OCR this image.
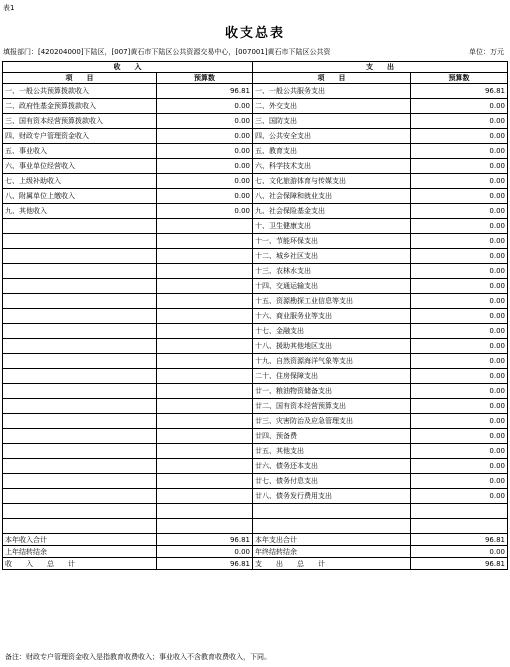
表1
收支总表
填报部门：[420204000]下陆区，[007]黄石市下陆区公共资源交易中心，[007001]黄石市下陆区公共资	单位：万元
收　　入		支　　出	
项　　目	预算数	项　　目	预算数
一、一般公共预算拨款收入	96.81	一、一般公共服务支出	96.81
二、政府性基金预算拨款收入	0.00	二、外交支出	0.00
三、国有资本经营预算拨款收入	0.00	三、国防支出	0.00
四、财政专户管理资金收入	0.00	四、公共安全支出	0.00
五、事业收入	0.00	五、教育支出	0.00
六、事业单位经营收入	0.00	六、科学技术支出	0.00
七、上级补助收入	0.00	七、文化旅游体育与传媒支出	0.00
八、附属单位上缴收入	0.00	八、社会保障和就业支出	0.00
九、其他收入	0.00	九、社会保险基金支出	0.00
		十、卫生健康支出	0.00
		十一、节能环保支出	0.00
		十二、城乡社区支出	0.00
		十三、农林水支出	0.00
		十四、交通运输支出	0.00
		十五、资源勘探工业信息等支出	0.00
		十六、商业服务业等支出	0.00
		十七、金融支出	0.00
		十八、援助其他地区支出	0.00
		十九、自然资源海洋气象等支出	0.00
		二十、住房保障支出	0.00
		廿一、粮油物资储备支出	0.00
		廿二、国有资本经营预算支出	0.00
		廿三、灾害防治及应急管理支出	0.00
		廿四、预备费	0.00
		廿五、其他支出	0.00
		廿六、债务还本支出	0.00
		廿七、债务付息支出	0.00
		廿八、债务发行费用支出	0.00

本年收入合计	96.81	本年支出合计	96.81
上年结转结余	0.00	年终结转结余	0.00
收　　入　　总　　计	96.81	支　　出　　总　　计	96.81
备注：财政专户管理资金收入是指教育收费收入；事业收入不含教育收费收入，下同。
